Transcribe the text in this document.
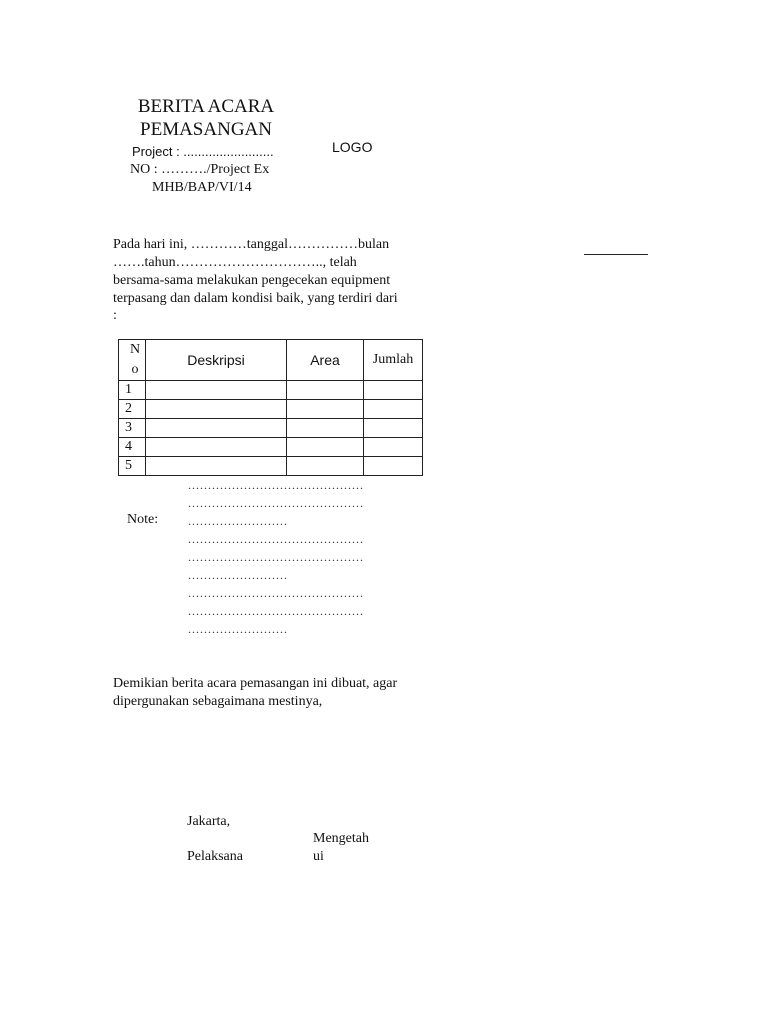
BERITA ACARA
PEMASANGAN
Project : .........................
NO : ………./Project Ex
MHB/BAP/VI/14
LOGO
Pada hari ini, …………tanggal……………bulan
…….tahun………………………….., telah
bersama-sama melakukan pengecekan equipment
terpasang dan dalam kondisi baik, yang terdiri dari
:
N
o	Deskripsi	Area	Jumlah
1			
2			
3			
4			
5			
Note:
............................................
............................................
.........................
............................................
............................................
.........................
............................................
............................................
.........................
Demikian berita acara pemasangan ini dibuat, agar
dipergunakan sebagaimana mestinya,
Jakarta,
Mengetah
Pelaksana	ui
